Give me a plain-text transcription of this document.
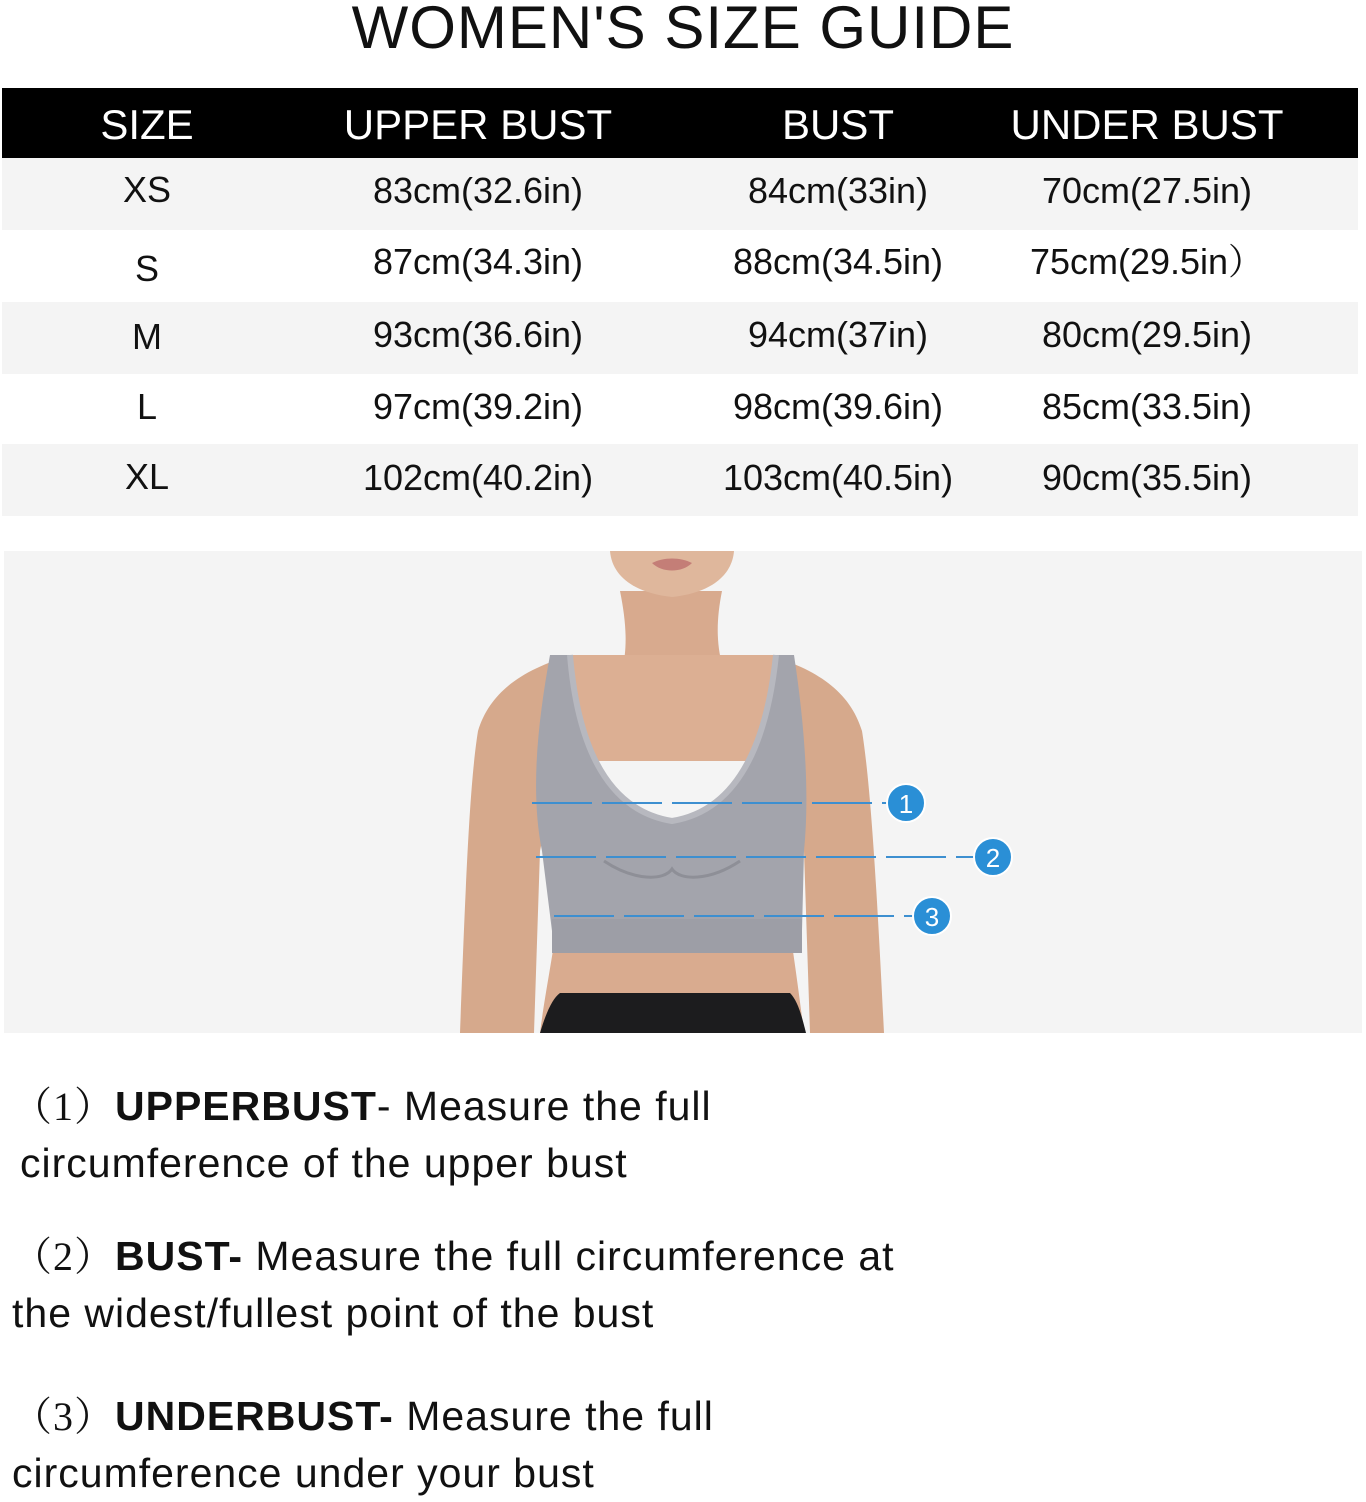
WOMEN'S SIZE GUIDE
SIZE	UPPER BUST	BUST	UNDER BUST
XS	83cm(32.6in)	84cm(33in)	70cm(27.5in)
S	87cm(34.3in)	88cm(34.5in)	75cm(29.5in）
M	93cm(36.6in)	94cm(37in)	80cm(29.5in)
L	97cm(39.2in)	98cm(39.6in)	85cm(33.5in)
XL	102cm(40.2in)	103cm(40.5in)	90cm(35.5in)
1
2
3
（1）UPPERBUST- Measure the full
circumference of the upper bust
（2）BUST- Measure the full circumference at
the widest/fullest point of the bust
（3）UNDERBUST- Measure the full
circumference under your bust
